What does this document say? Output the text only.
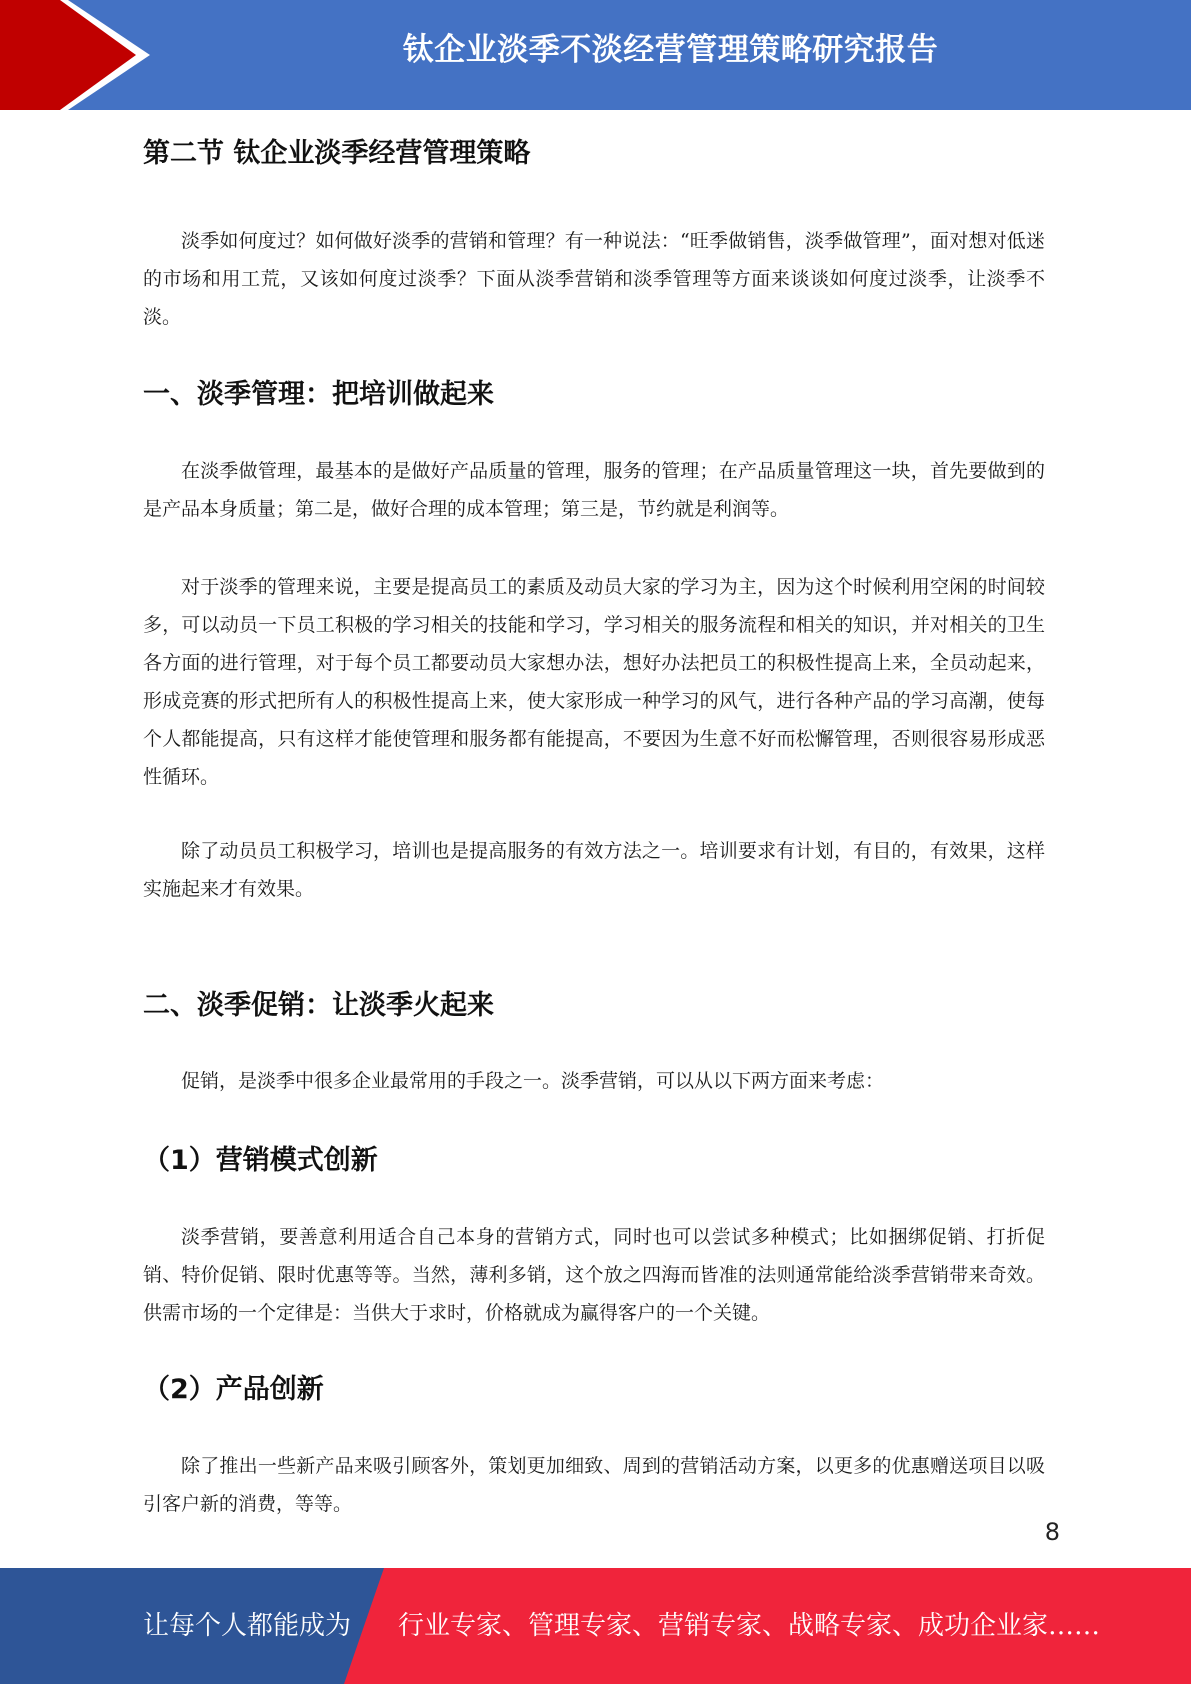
钛企业淡季不淡经营管理策略研究报告
第二节 钛企业淡季经营管理策略

淡季如何度过？如何做好淡季的营销和管理？有一种说法：“旺季做销售，淡季做管理”，面对想对低迷的市场和用工荒，又该如何度过淡季？下面从淡季营销和淡季管理等方面来谈谈如何度过淡季，让淡季不淡。

一、淡季管理：把培训做起来

在淡季做管理，最基本的是做好产品质量的管理，服务的管理；在产品质量管理这一块，首先要做到的是产品本身质量；第二是，做好合理的成本管理；第三是，节约就是利润等。

对于淡季的管理来说，主要是提高员工的素质及动员大家的学习为主，因为这个时候利用空闲的时间较多，可以动员一下员工积极的学习相关的技能和学习，学习相关的服务流程和相关的知识，并对相关的卫生各方面的进行管理，对于每个员工都要动员大家想办法，想好办法把员工的积极性提高上来，全员动起来，形成竞赛的形式把所有人的积极性提高上来，使大家形成一种学习的风气，进行各种产品的学习高潮，使每个人都能提高，只有这样才能使管理和服务都有能提高，不要因为生意不好而松懈管理，否则很容易形成恶性循环。

除了动员员工积极学习，培训也是提高服务的有效方法之一。培训要求有计划，有目的，有效果，这样实施起来才有效果。

二、淡季促销：让淡季火起来

促销，是淡季中很多企业最常用的手段之一。淡季营销，可以从以下两方面来考虑：

（1）营销模式创新

淡季营销，要善意利用适合自己本身的营销方式，同时也可以尝试多种模式；比如捆绑促销、打折促销、特价促销、限时优惠等等。当然，薄利多销，这个放之四海而皆准的法则通常能给淡季营销带来奇效。供需市场的一个定律是：当供大于求时，价格就成为赢得客户的一个关键。

（2）产品创新

除了推出一些新产品来吸引顾客外，策划更加细致、周到的营销活动方案，以更多的优惠赠送项目以吸引客户新的消费，等等。

8
让每个人都能成为 行业专家、管理专家、营销专家、战略专家、成功企业家……
